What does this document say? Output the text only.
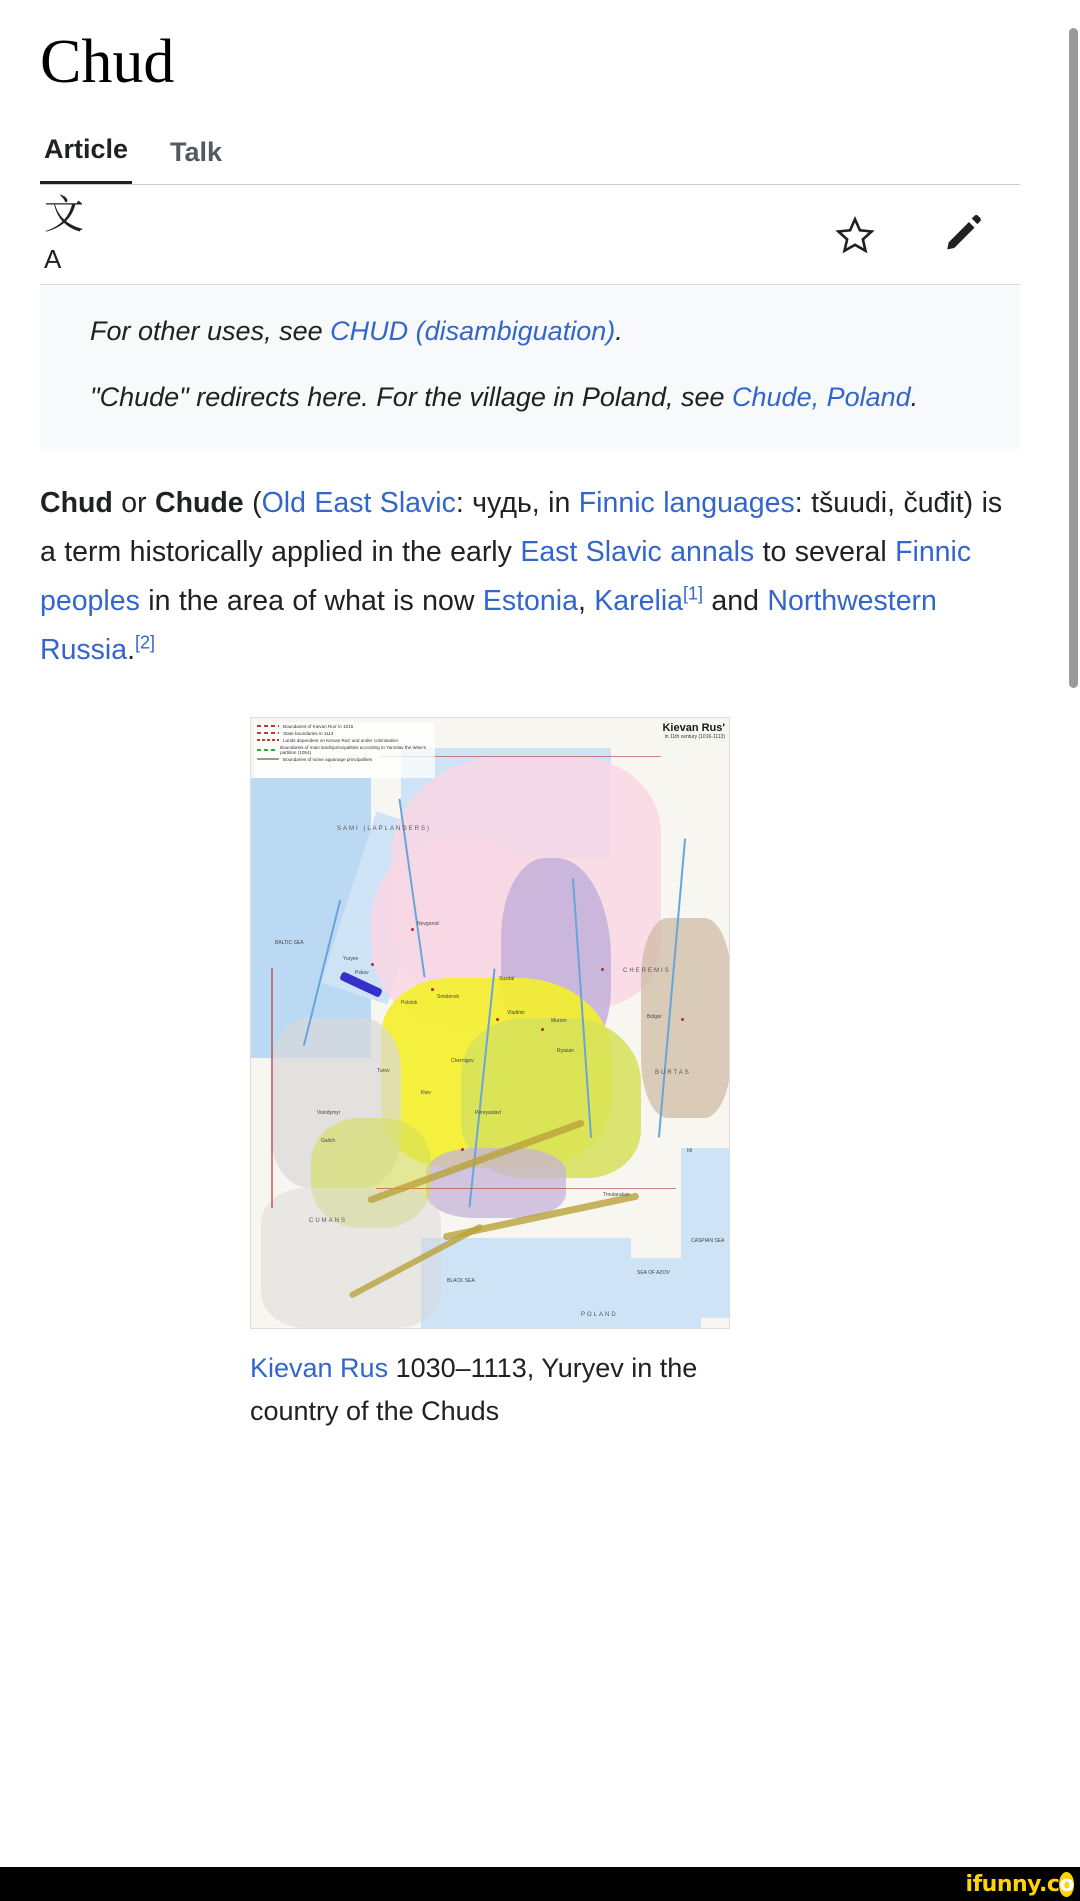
Chud
Article Talk
文A
For other uses, see CHUD (disambiguation).
"Chude" redirects here. For the village in Poland, see Chude, Poland.

Chud or Chude (Old East Slavic: чудь, in Finnic languages: tšuudi, čuđit) is a term historically applied in the early East Slavic annals to several Finnic peoples in the area of what is now Estonia, Karelia[1] and Northwestern Russia.[2]

Boundaries of Kievan Rus' in 1015
State boundaries in 1113
Lands dependent on Kievan Rus' and under colonisation
Boundaries of main lands/principalities according to Yaroslav the Wise's partition (1054)
Boundaries of some appanage principalities
Kievan Rus'
in 11th century (1016-1113)
BALTIC SEA
BLACK SEA
SEA OF AZOV
CASPIAN SEA
Novgorod
Pskov
Yuryev
Polotsk
Smolensk
Vladimir
Suzdal
Murom
Ryazan
Chernigov
Kiev
Pereyaslavl
Galich
Volodymyr
Turov
Tmutarakan
Bolgar
Itil
CHEREMIS
BURTAS
SAMI (LAPLANDERS)
CUMANS
POLAND
Kievan Rus 1030–1113, Yuryev in the country of the Chuds
ifunny.co
